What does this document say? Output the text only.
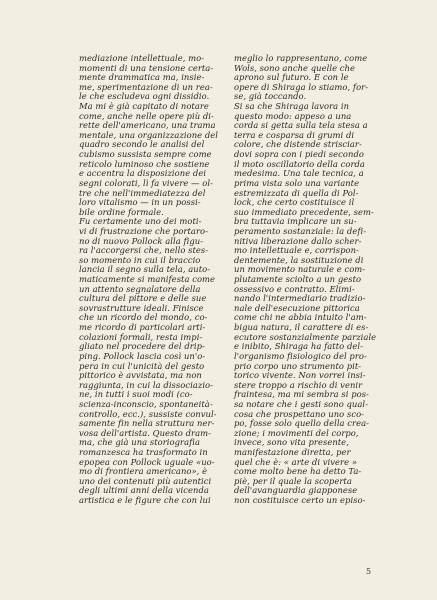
mediazione intellettuale, mo-
momenti di una tensione certa-
mente drammatica ma, insie-
me, sperimentazione di un rea-
le che escludeva ogni dissidio.
Ma mi è già capitato di notare
come, anche nelle opere più di-
rette dell'americano, una trama
mentale, una organizzazione del
quadro secondo le analisi del
cubismo sussista sempre come
reticolo luminoso che sostiene
e accentra la disposizione dei
segni colorati, lì fa vivere — ol-
tre che nell'immediatezza del
loro vitalismo — in un possi-
bile ordine formale.
Fu certamente uno dei moti-
vi di frustrazione che portaro-
no di nuovo Pollock alla figu-
ra l'accorgersi che, nello stes-
so momento in cui il braccio
lancia il segno sulla tela, auto-
maticamente si manifesta come
un attento segnalatore della
cultura del pittore e delle sue
sovrastrutture ideali. Finisce
che un ricordo del mondo, co-
me ricordo di particolari arti-
colazioni formali, resta impi-
gliato nel procedere del drip-
ping. Pollock lascia così un'o-
pera in cui l'unicità del gesto
pittorico è avvistata, ma non
raggiunta, in cui la dissociazio-
ne, in tutti i suoi modi (co-
scienza-inconscio, spontaneità-
controllo, ecc.), sussiste convul-
samente fin nella struttura ner-
vosa dell'artista. Questo dram-
ma, che già una storiografia
romanzesca ha trasformato in
epopea con Pollock uguale «uo-
mo di frontiera americano», è
uno dei contenuti più autentici
degli ultimi anni della vicenda
artistica e le figure che con lui
meglio lo rappresentano, come
Wols, sono anche quelle che
aprono sul futuro. E con le
opere di Shiraga lo stiamo, for-
se, già toccando.
Si sa che Shiraga lavora in
questo modo: appeso a una
corda si getta sulla tela stesa a
terra e cosparsa di grumi di
colore, che distende strisciar-
dovi sopra con i piedi secondo
il moto oscillatorio della corda
medesima. Una tale tecnica, a
prima vista solo una variante
estremizzata di quella di Pol-
lock, che certo costituisce il
suo immediato precedente, sem-
bra tuttavia implicare un su-
peramento sostanziale: la defi-
nitiva liberazione dallo scher-
mo intellettuale e, corrispon-
dentemente, la sostituzione di
un movimento naturale e com-
plutamente sciolto a un gesto
ossessivo e contratto. Elimi-
nando l'intermediario tradizio-
nale dell'esecuzione pittorica
come chi ne abbia intuito l'am-
bigua natura, il carattere di es-
ecutore sostanzialmente parziale
e inibito, Shiraga ha fatto del-
l'organismo fisiologico del pro-
prio corpo uno strumento pit-
torico vivente. Non vorrei insi-
stere troppo a rischio di venir
fraintesa, ma mi sembra si pos-
sa notare che i gesti sono qual-
cosa che prospettano uno sco-
po, fosse solo quello della crea-
zione; i movimenti del corpo,
invece, sono vita presente,
manifestazione diretta, per
quel che è: « arte di vivere »
come molto bene ha detto Ta-
piè, per il quale la scoperta
dell'avanguardia giapponese
non costituisce certo un episo-
5
